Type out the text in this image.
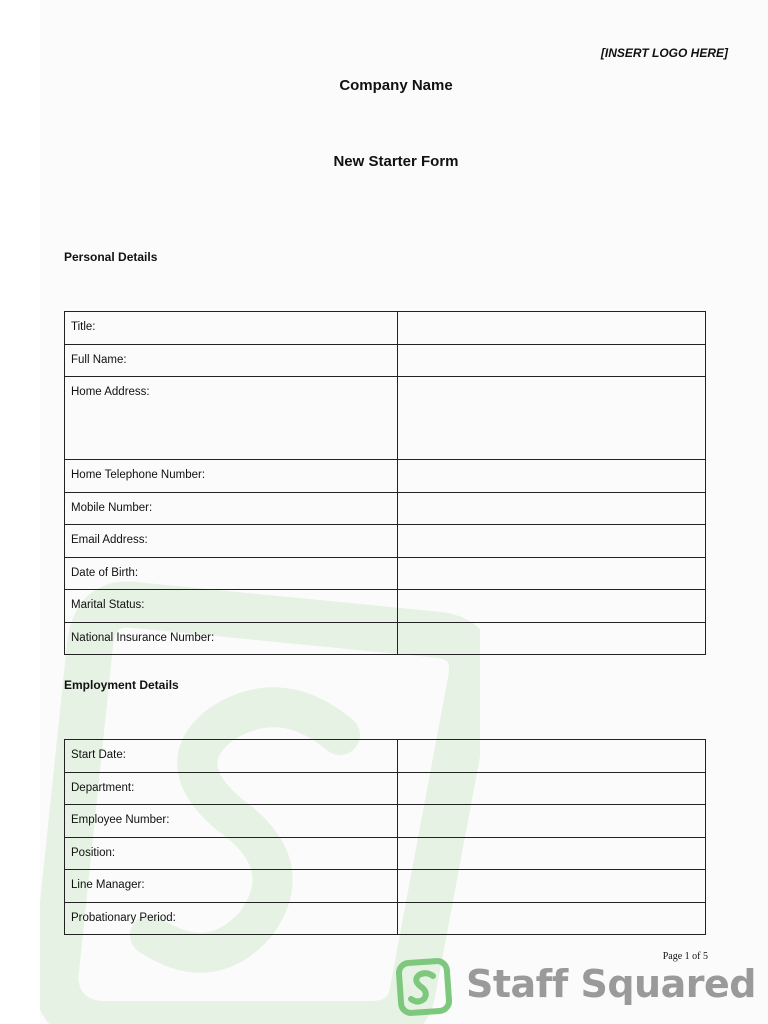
[INSERT LOGO HERE]
Company Name
New Starter Form
Personal Details
Title:	
Full Name:	
Home Address:	
Home Telephone Number:	
Mobile Number:	
Email Address:	
Date of Birth:	
Marital Status:	
National Insurance Number:	
Employment Details
Start Date:	
Department:	
Employee Number:	
Position:	
Line Manager:	
Probationary Period:	
Page 1 of 5
Staff Squared
